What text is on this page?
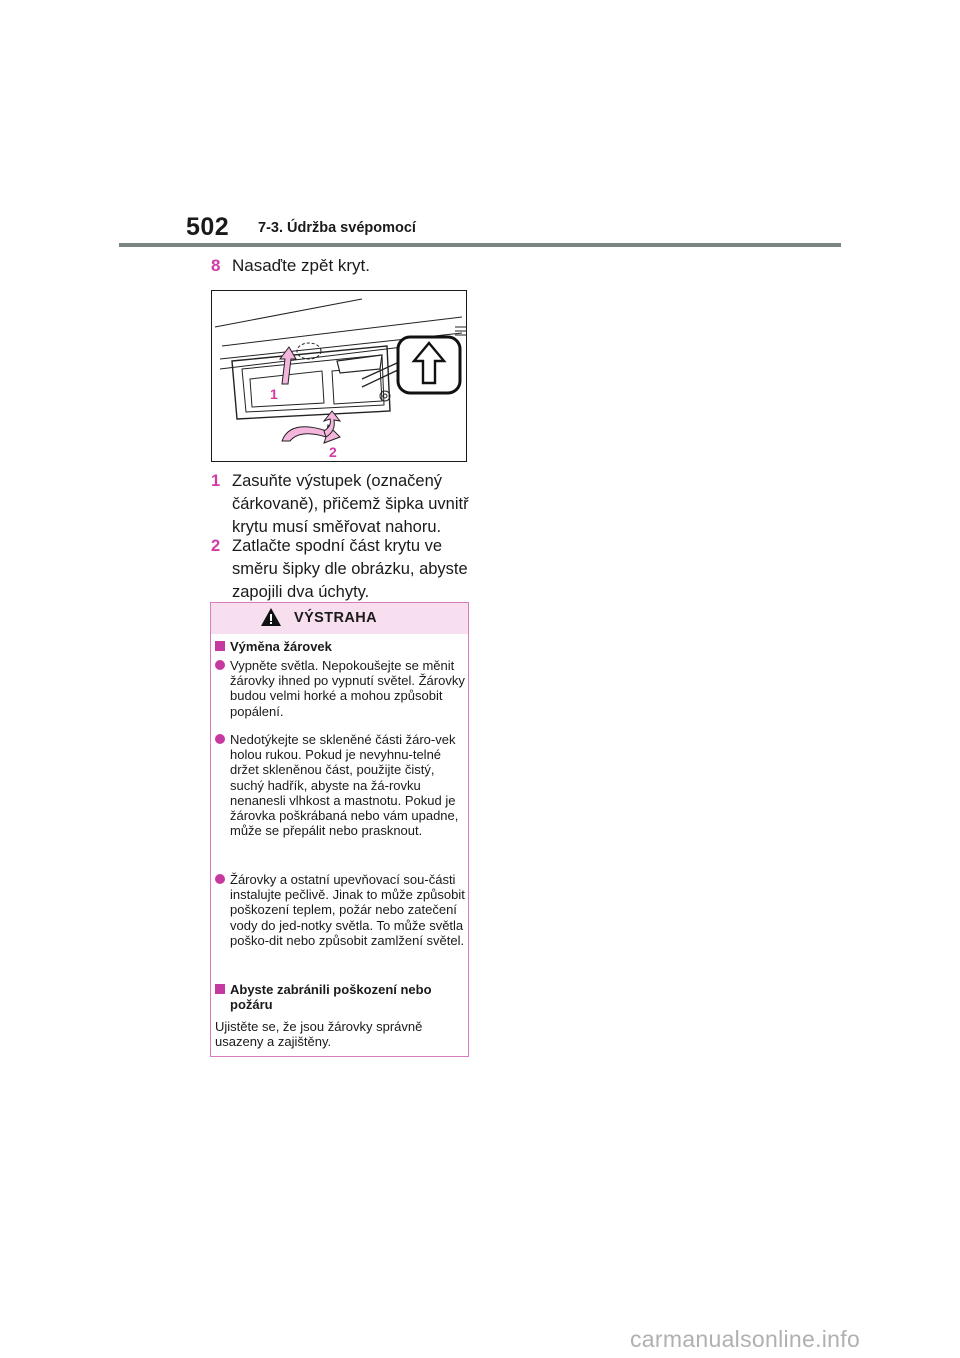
502 7-3. Údržba svépomocí
8 Nasaďte zpět kryt.
1
2
1 Zasuňte výstupek (označený čárkovaně), přičemž šipka uvnitř krytu musí směřovat nahoru.
2 Zatlačte spodní část krytu ve směru šipky dle obrázku, abyste zapojili dva úchyty.
VÝSTRAHA
Výměna žárovek
Vypněte světla. Nepokoušejte se měnit žárovky ihned po vypnutí světel. Žárovky budou velmi horké a mohou způsobit popálení.
Nedotýkejte se skleněné části žáro-vek holou rukou. Pokud je nevyhnu-telné držet skleněnou část, použijte čistý, suchý hadřík, abyste na žá-rovku nenanesli vlhkost a mastnotu. Pokud je žárovka poškrábaná nebo vám upadne, může se přepálit nebo prasknout.
Žárovky a ostatní upevňovací sou-části instalujte pečlivě. Jinak to může způsobit poškození teplem, požár nebo zatečení vody do jed-notky světla. To může světla poško-dit nebo způsobit zamlžení světel.
Abyste zabránili poškození nebo požáru
Ujistěte se, že jsou žárovky správně usazeny a zajištěny.
carmanualsonline.info
